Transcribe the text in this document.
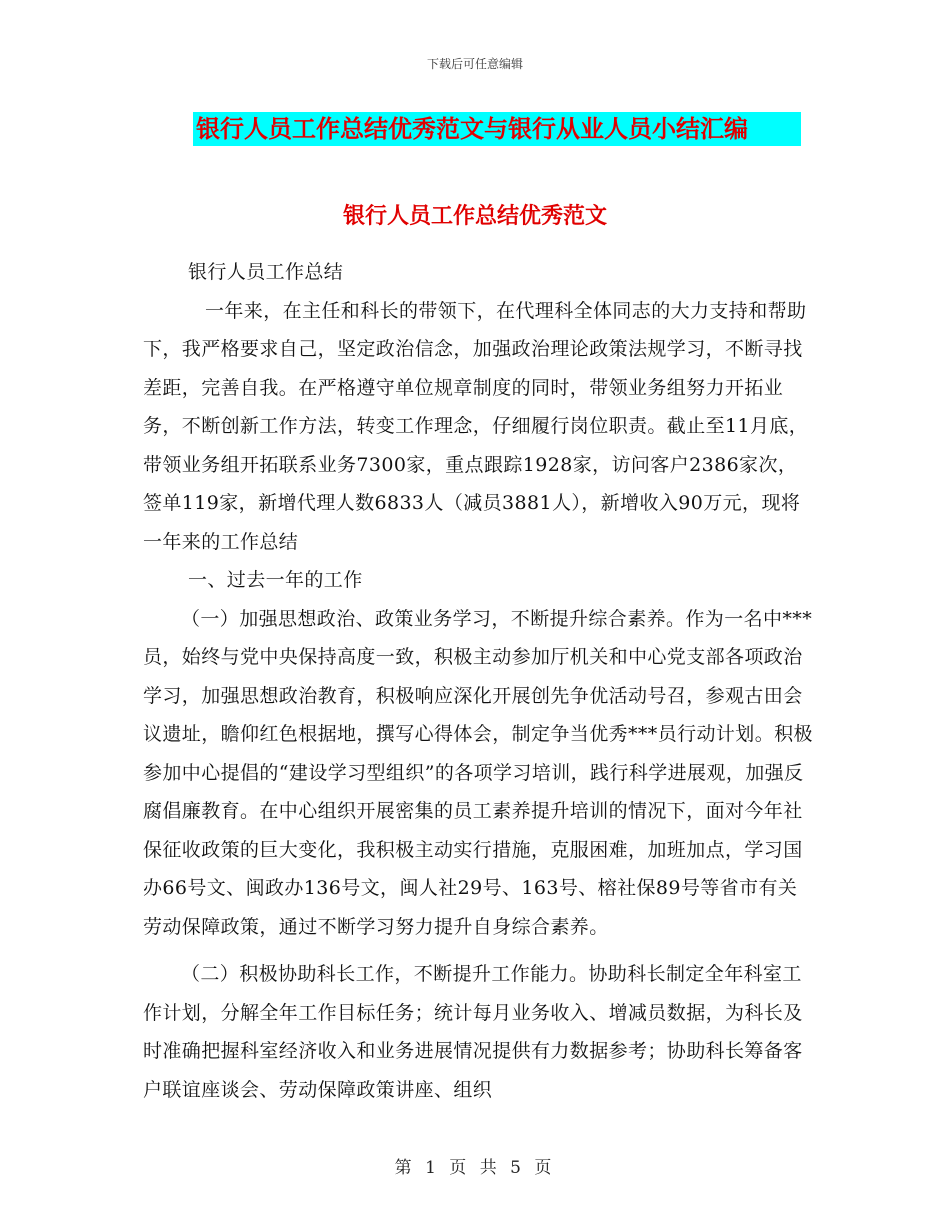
下载后可任意编辑
银行人员工作总结优秀范文与银行从业人员小结汇编
银行人员工作总结优秀范文

银行人员工作总结

一年来，在主任和科长的带领下，在代理科全体同志的大力支持和帮助下，我严格要求自己，坚定政治信念，加强政治理论政策法规学习，不断寻找差距，完善自我。在严格遵守单位规章制度的同时，带领业务组努力开拓业务，不断创新工作方法，转变工作理念，仔细履行岗位职责。截止至11月底，带领业务组开拓联系业务7300家，重点跟踪1928家，访问客户2386家次，签单119家，新增代理人数6833人（减员3881人），新增收入90万元，现将一年来的工作总结

一、过去一年的工作

（一）加强思想政治、政策业务学习，不断提升综合素养。作为一名中***员，始终与党中央保持高度一致，积极主动参加厅机关和中心党支部各项政治学习，加强思想政治教育，积极响应深化开展创先争优活动号召，参观古田会议遗址，瞻仰红色根据地，撰写心得体会，制定争当优秀***员行动计划。积极参加中心提倡的“建设学习型组织”的各项学习培训，践行科学进展观，加强反腐倡廉教育。在中心组织开展密集的员工素养提升培训的情况下，面对今年社保征收政策的巨大变化，我积极主动实行措施，克服困难，加班加点，学习国办66号文、闽政办136号文，闽人社29号、163号、榕社保89号等省市有关劳动保障政策，通过不断学习努力提升自身综合素养。

（二）积极协助科长工作，不断提升工作能力。协助科长制定全年科室工作计划，分解全年工作目标任务；统计每月业务收入、增减员数据，为科长及时准确把握科室经济收入和业务进展情况提供有力数据参考；协助科长筹备客户联谊座谈会、劳动保障政策讲座、组织

第 1 页 共 5 页
